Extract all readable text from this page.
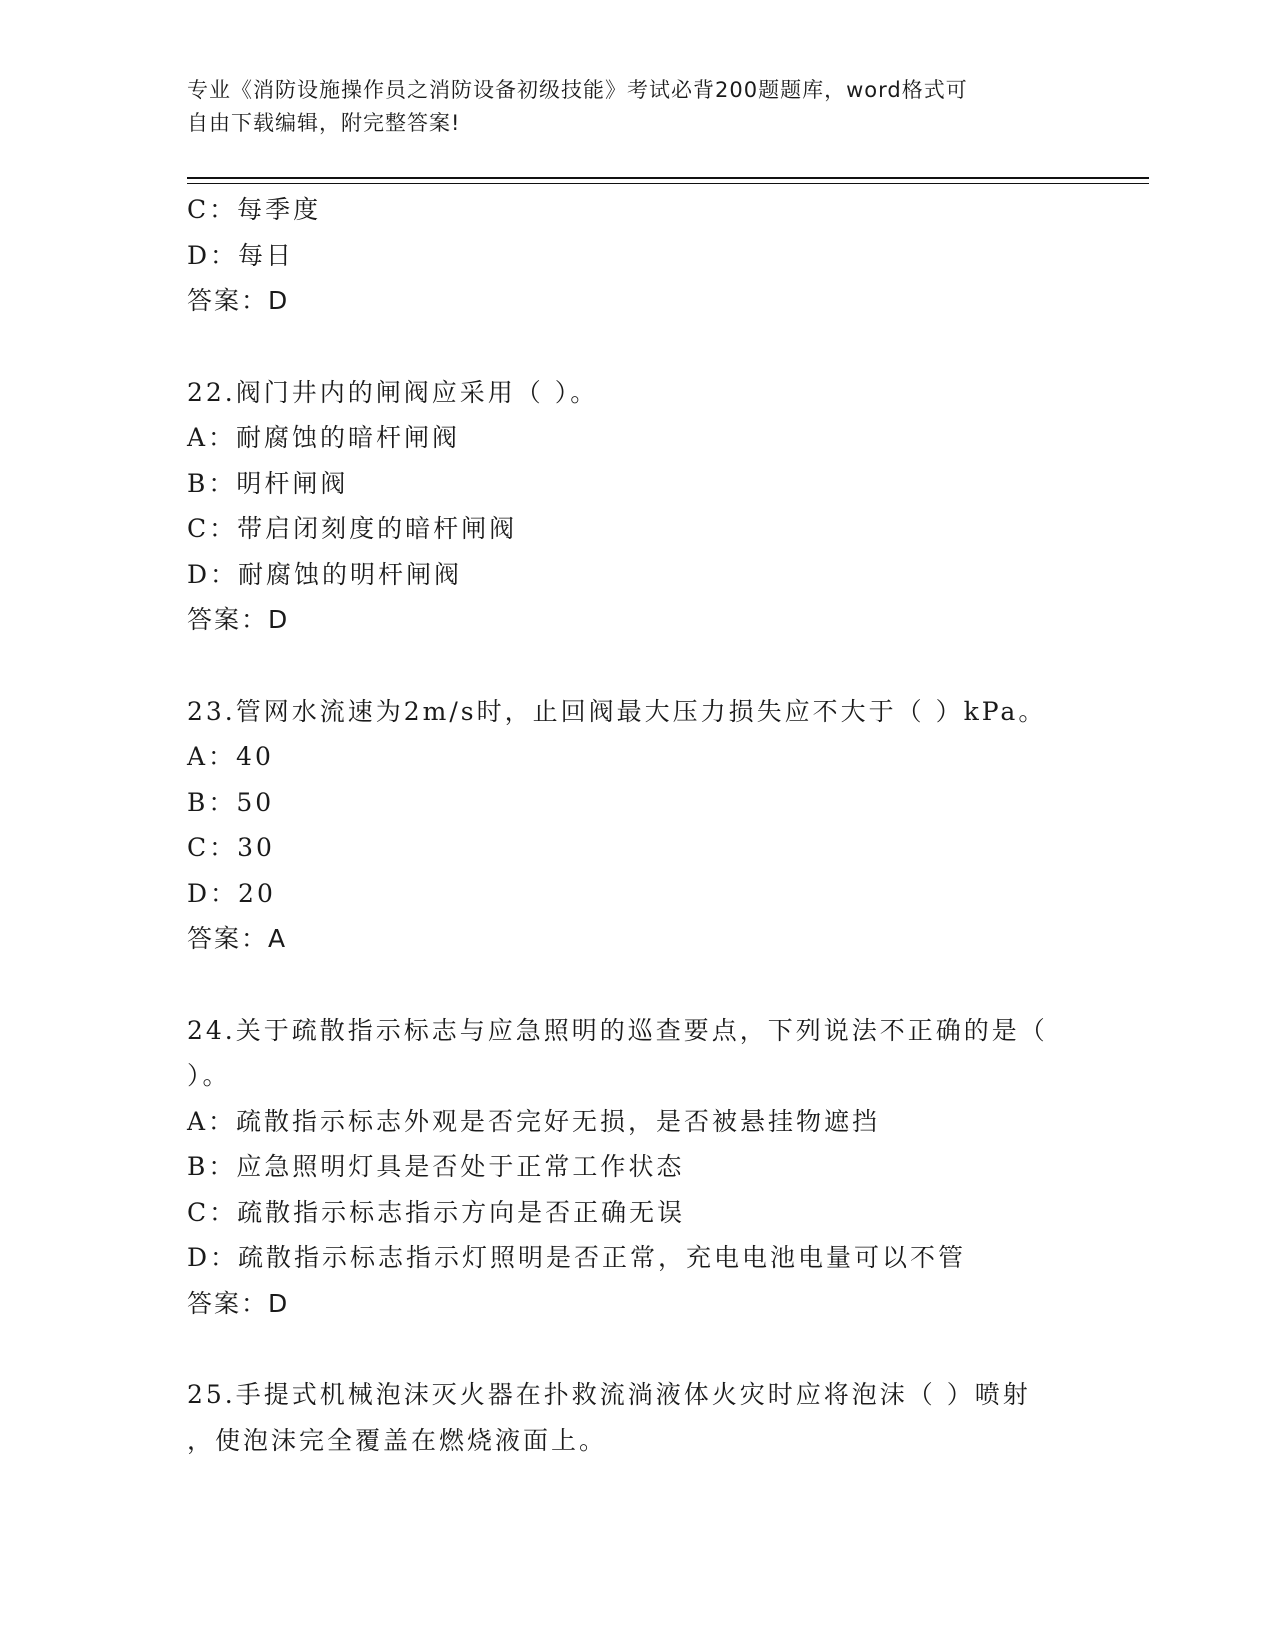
专业《消防设施操作员之消防设备初级技能》考试必背200题题库，word格式可
自由下载编辑，附完整答案!
C：每季度
D：每日
答案：D
22.阀门井内的闸阀应采用（ ）。
A：耐腐蚀的暗杆闸阀
B：明杆闸阀
C：带启闭刻度的暗杆闸阀
D：耐腐蚀的明杆闸阀
答案：D
23.管网水流速为2m/s时，止回阀最大压力损失应不大于（ ）kPa。
A：40
B：50
C：30
D：20
答案：A
24.关于疏散指示标志与应急照明的巡查要点，下列说法不正确的是（
）。
A：疏散指示标志外观是否完好无损，是否被悬挂物遮挡
B：应急照明灯具是否处于正常工作状态
C：疏散指示标志指示方向是否正确无误
D：疏散指示标志指示灯照明是否正常，充电电池电量可以不管
答案：D
25.手提式机械泡沫灭火器在扑救流淌液体火灾时应将泡沫（ ）喷射
，使泡沫完全覆盖在燃烧液面上。
